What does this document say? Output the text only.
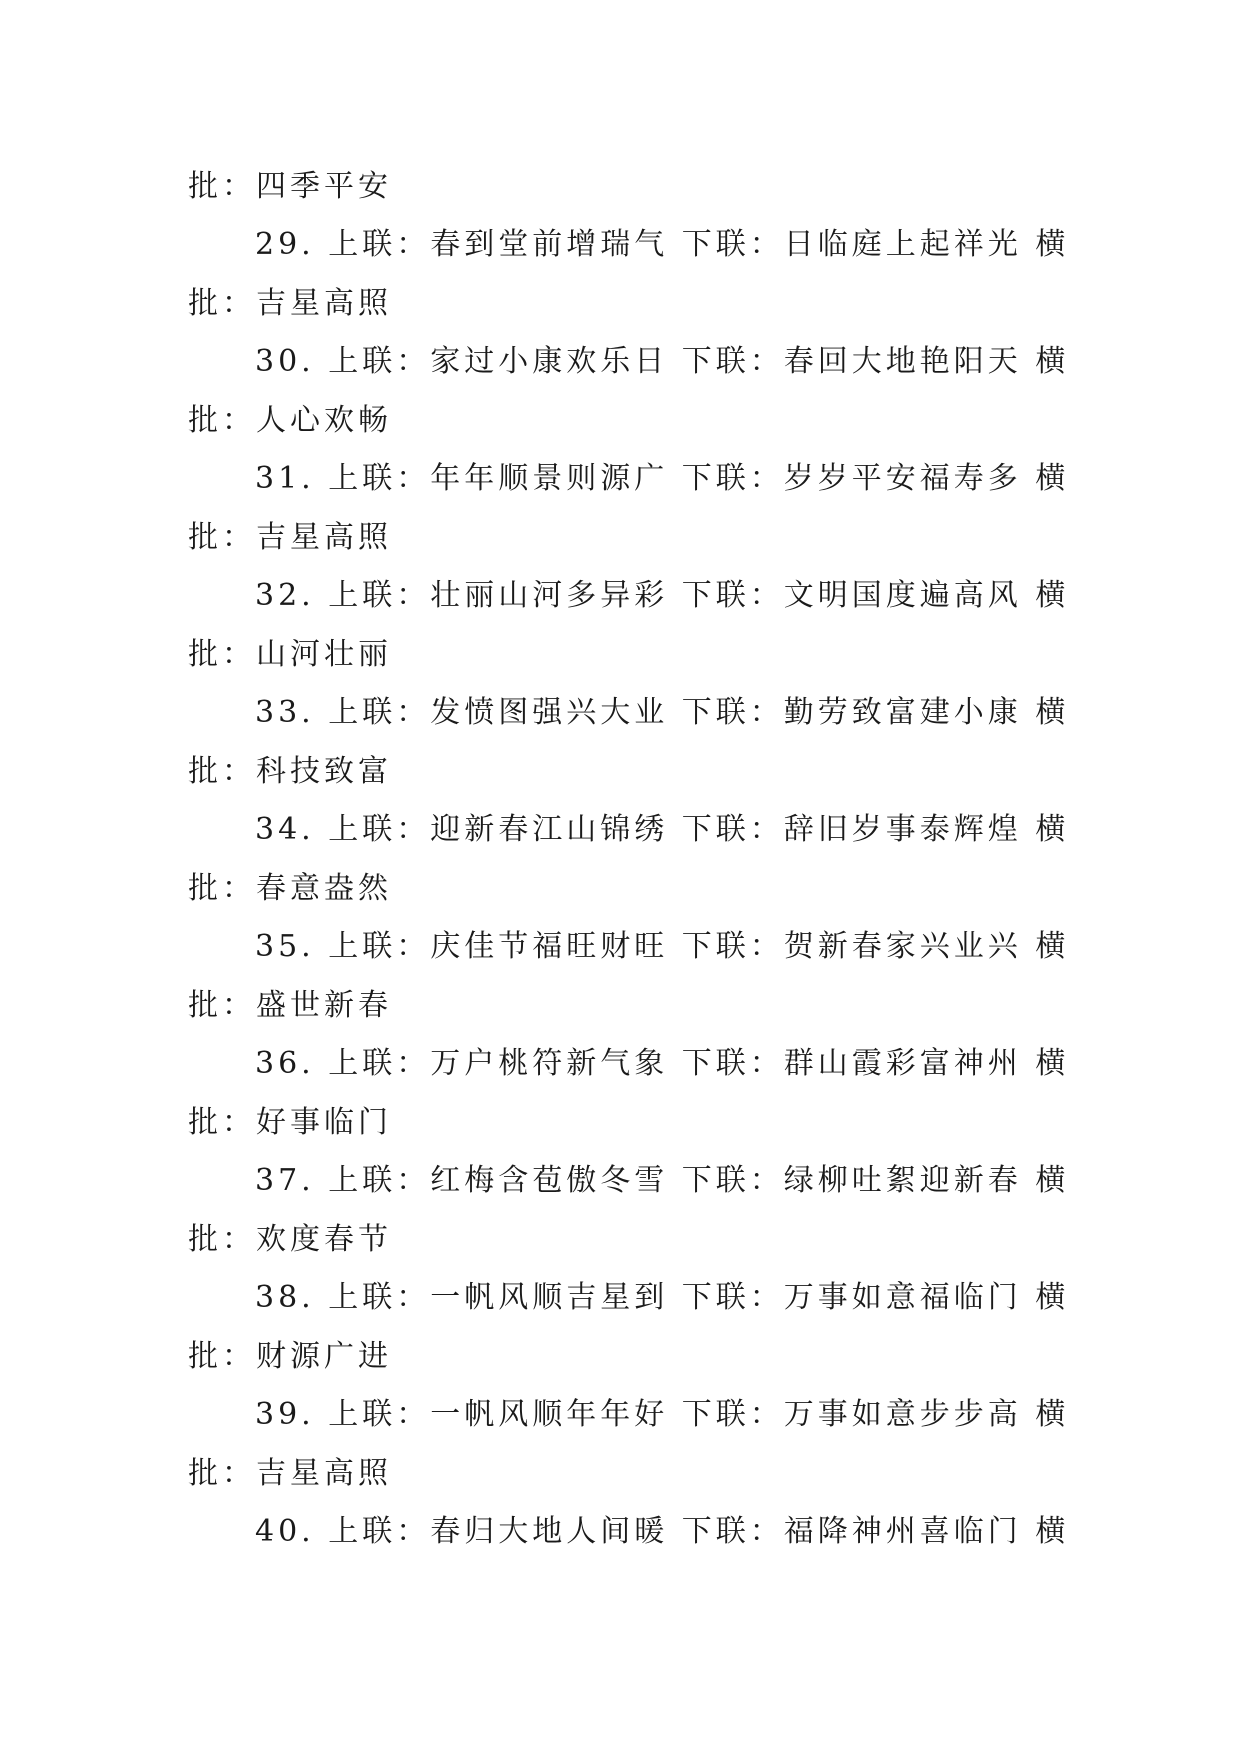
批：四季平安
29. 上联：春到堂前增瑞气 下联：日临庭上起祥光 横
批：吉星高照
30. 上联：家过小康欢乐日 下联：春回大地艳阳天 横
批：人心欢畅
31. 上联：年年顺景则源广 下联：岁岁平安福寿多 横
批：吉星高照
32. 上联：壮丽山河多异彩 下联：文明国度遍高风 横
批：山河壮丽
33. 上联：发愤图强兴大业 下联：勤劳致富建小康 横
批：科技致富
34. 上联：迎新春江山锦绣 下联：辞旧岁事泰辉煌 横
批：春意盎然
35. 上联：庆佳节福旺财旺 下联：贺新春家兴业兴 横
批：盛世新春
36. 上联：万户桃符新气象 下联：群山霞彩富神州 横
批：好事临门
37. 上联：红梅含苞傲冬雪 下联：绿柳吐絮迎新春 横
批：欢度春节
38. 上联：一帆风顺吉星到 下联：万事如意福临门 横
批：财源广进
39. 上联：一帆风顺年年好 下联：万事如意步步高 横
批：吉星高照
40. 上联：春归大地人间暖 下联：福降神州喜临门 横
